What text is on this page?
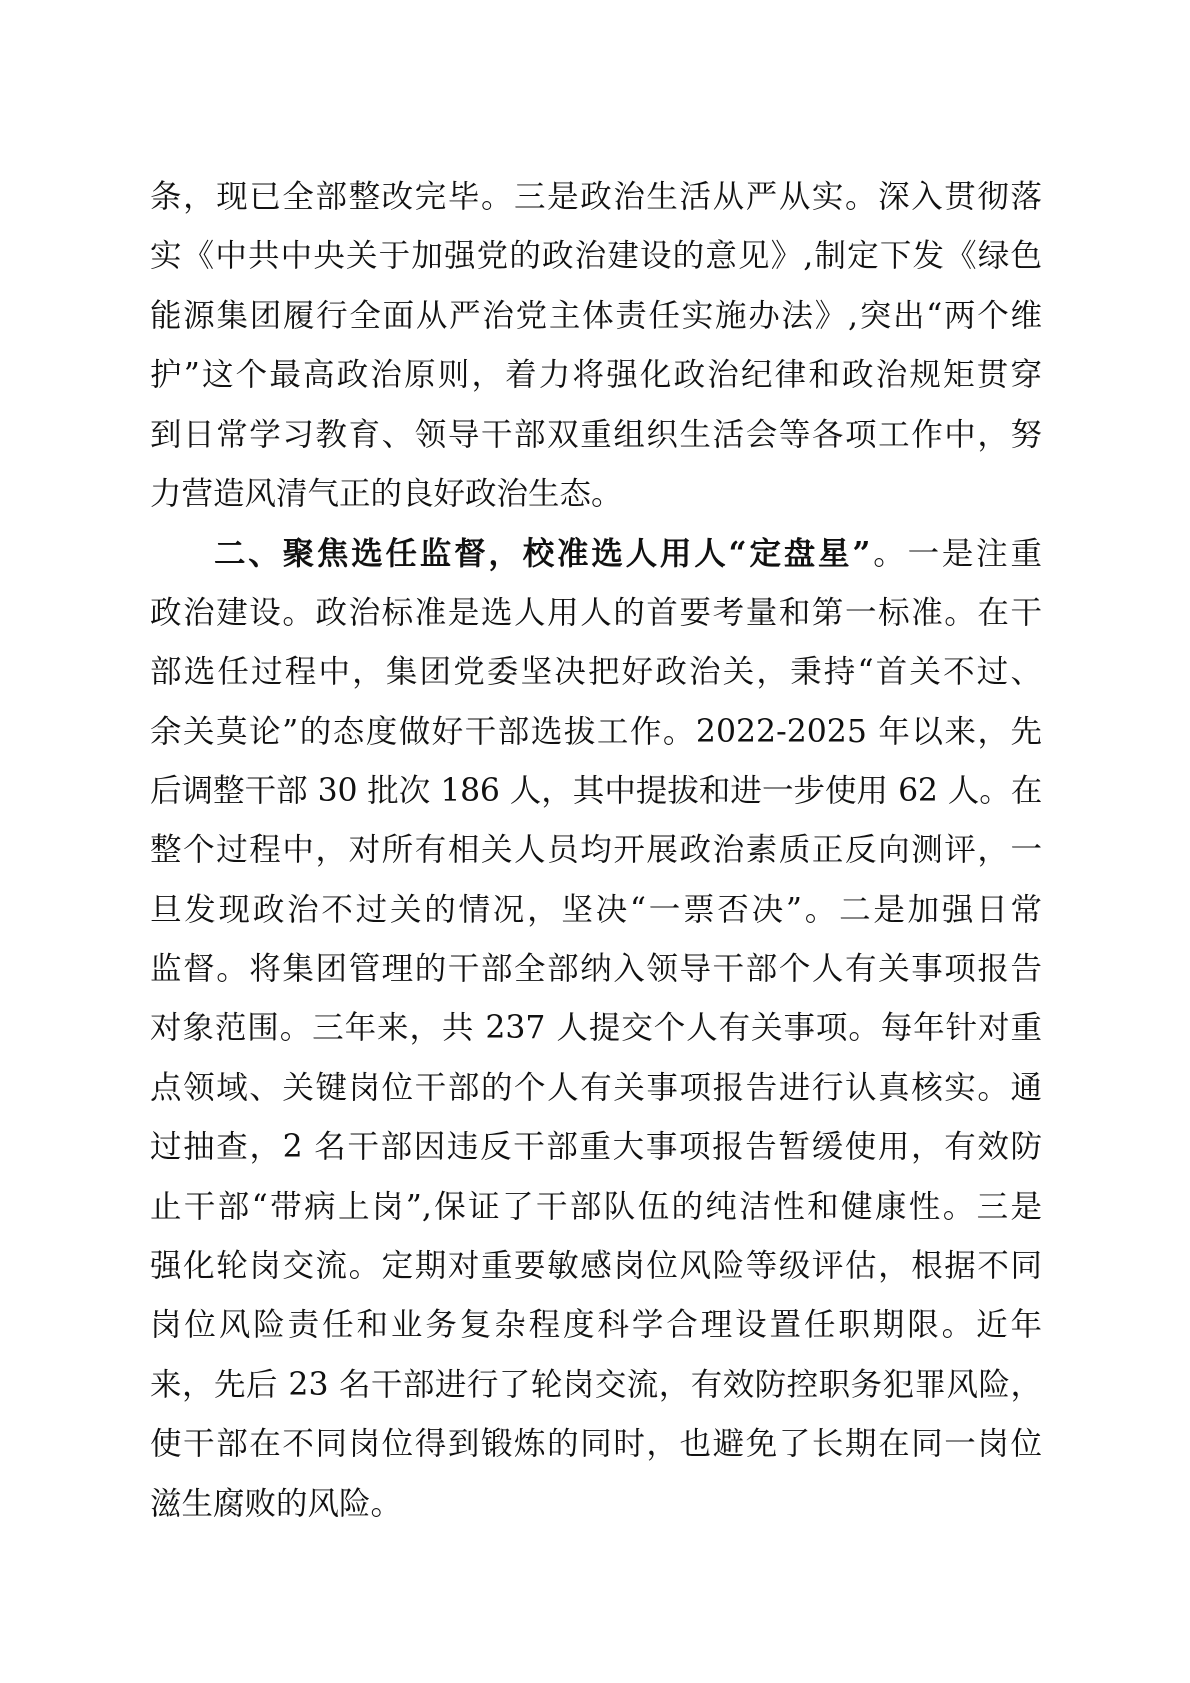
条，现已全部整改完毕。三是政治生活从严从实。深入贯彻落
实《中共中央关于加强党的政治建设的意见》,制定下发《绿色
能源集团履行全面从严治党主体责任实施办法》,突出“两个维
护”这个最高政治原则，着力将强化政治纪律和政治规矩贯穿
到日常学习教育、领导干部双重组织生活会等各项工作中，努
力营造风清气正的良好政治生态。
二、聚焦选任监督，校准选人用人“定盘星”。一是注重
政治建设。政治标准是选人用人的首要考量和第一标准。在干
部选任过程中，集团党委坚决把好政治关，秉持“首关不过、
余关莫论”的态度做好干部选拔工作。2022-2025 年以来，先
后调整干部 30 批次 186 人，其中提拔和进一步使用 62 人。在
整个过程中，对所有相关人员均开展政治素质正反向测评，一
旦发现政治不过关的情况，坚决“一票否决”。二是加强日常
监督。将集团管理的干部全部纳入领导干部个人有关事项报告
对象范围。三年来，共 237 人提交个人有关事项。每年针对重
点领域、关键岗位干部的个人有关事项报告进行认真核实。通
过抽查，2 名干部因违反干部重大事项报告暂缓使用，有效防
止干部“带病上岗”,保证了干部队伍的纯洁性和健康性。三是
强化轮岗交流。定期对重要敏感岗位风险等级评估，根据不同
岗位风险责任和业务复杂程度科学合理设置任职期限。近年
来，先后 23 名干部进行了轮岗交流，有效防控职务犯罪风险，
使干部在不同岗位得到锻炼的同时，也避免了长期在同一岗位
滋生腐败的风险。
